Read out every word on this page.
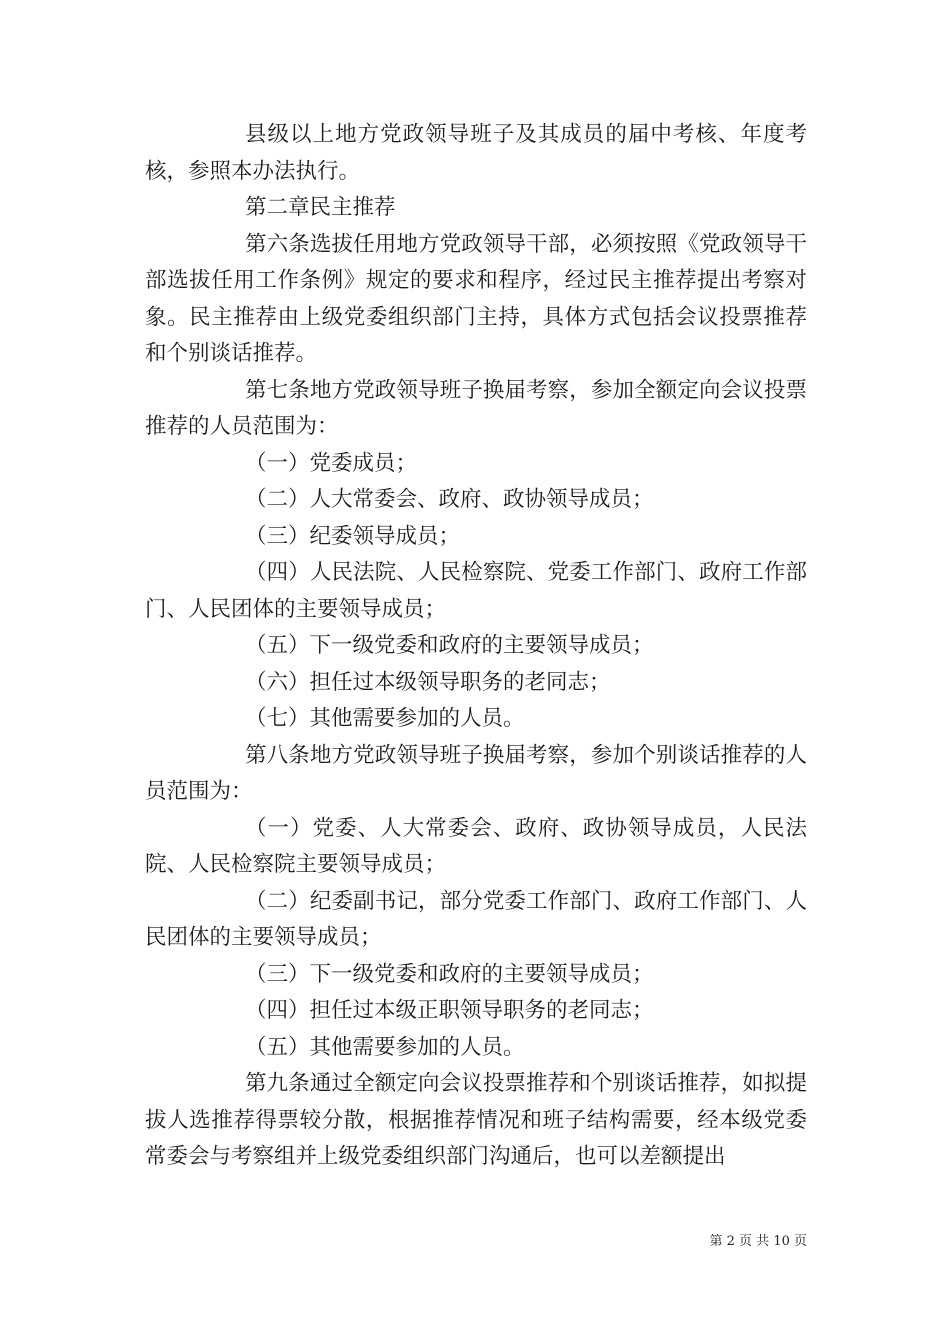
县级以上地方党政领导班子及其成员的届中考核、年度考核，参照本办法执行。

第二章民主推荐

第六条选拔任用地方党政领导干部，必须按照《党政领导干部选拔任用工作条例》规定的要求和程序，经过民主推荐提出考察对象。民主推荐由上级党委组织部门主持，具体方式包括会议投票推荐和个别谈话推荐。

第七条地方党政领导班子换届考察，参加全额定向会议投票推荐的人员范围为：

（一）党委成员；

（二）人大常委会、政府、政协领导成员；

（三）纪委领导成员；

（四）人民法院、人民检察院、党委工作部门、政府工作部门、人民团体的主要领导成员；

（五）下一级党委和政府的主要领导成员；

（六）担任过本级领导职务的老同志；

（七）其他需要参加的人员。

第八条地方党政领导班子换届考察，参加个别谈话推荐的人员范围为：

（一）党委、人大常委会、政府、政协领导成员，人民法院、人民检察院主要领导成员；

（二）纪委副书记，部分党委工作部门、政府工作部门、人民团体的主要领导成员；

（三）下一级党委和政府的主要领导成员；

（四）担任过本级正职领导职务的老同志；

（五）其他需要参加的人员。

第九条通过全额定向会议投票推荐和个别谈话推荐，如拟提拔人选推荐得票较分散，根据推荐情况和班子结构需要，经本级党委常委会与考察组并上级党委组织部门沟通后，也可以差额提出

第 2 页 共 10 页
